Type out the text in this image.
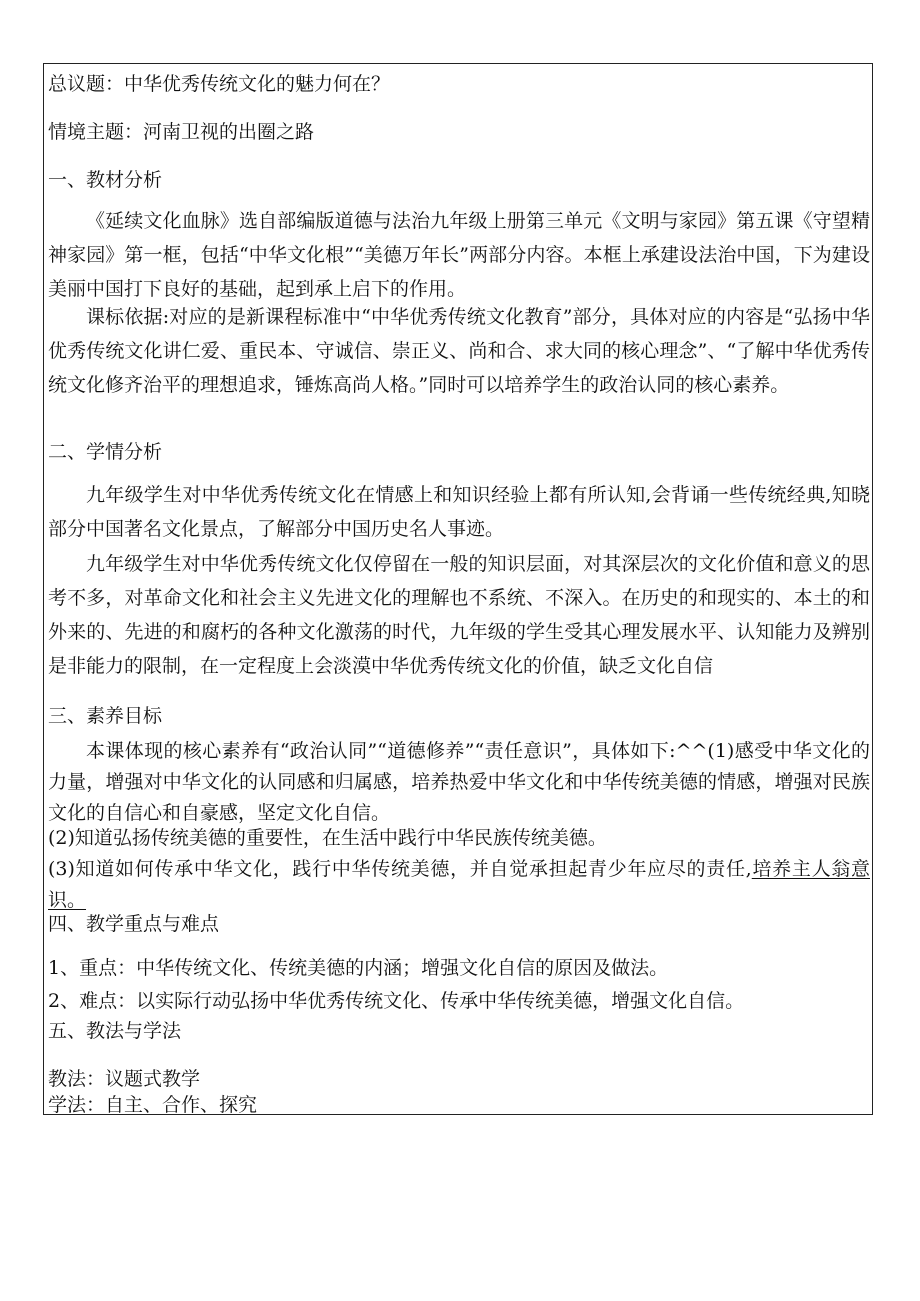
总议题：中华优秀传统文化的魅力何在？
情境主题：河南卫视的出圈之路
一、教材分析
《延续文化血脉》选自部编版道德与法治九年级上册第三单元《文明与家园》第五课《守望精神家园》第一框，包括“中华文化根”“美德万年长”两部分内容。本框上承建设法治中国，下为建设美丽中国打下良好的基础，起到承上启下的作用。
课标依据:对应的是新课程标准中“中华优秀传统文化教育”部分，具体对应的内容是“弘扬中华优秀传统文化讲仁爱、重民本、守诚信、崇正义、尚和合、求大同的核心理念”、“了解中华优秀传统文化修齐治平的理想追求，锤炼高尚人格。”同时可以培养学生的政治认同的核心素养。
二、学情分析
九年级学生对中华优秀传统文化在情感上和知识经验上都有所认知,会背诵一些传统经典,知晓部分中国著名文化景点，了解部分中国历史名人事迹。
九年级学生对中华优秀传统文化仅停留在一般的知识层面，对其深层次的文化价值和意义的思考不多，对革命文化和社会主义先进文化的理解也不系统、不深入。在历史的和现实的、本土的和外来的、先进的和腐朽的各种文化激荡的时代，九年级的学生受其心理发展水平、认知能力及辨别是非能力的限制，在一定程度上会淡漠中华优秀传统文化的价值，缺乏文化自信
三、素养目标
本课体现的核心素养有“政治认同”“道德修养”“责任意识”，具体如下:^^(1)感受中华文化的力量，增强对中华文化的认同感和归属感，培养热爱中华文化和中华传统美德的情感，增强对民族文化的自信心和自豪感，坚定文化自信。
(2)知道弘扬传统美德的重要性，在生活中践行中华民族传统美德。
(3)知道如何传承中华文化，践行中华传统美德，并自觉承担起青少年应尽的责任,培养主人翁意识。
四、教学重点与难点
1、重点：中华传统文化、传统美德的内涵；增强文化自信的原因及做法。
2、难点：以实际行动弘扬中华优秀传统文化、传承中华传统美德，增强文化自信。
五、教法与学法
教法：议题式教学
学法：自主、合作、探究
